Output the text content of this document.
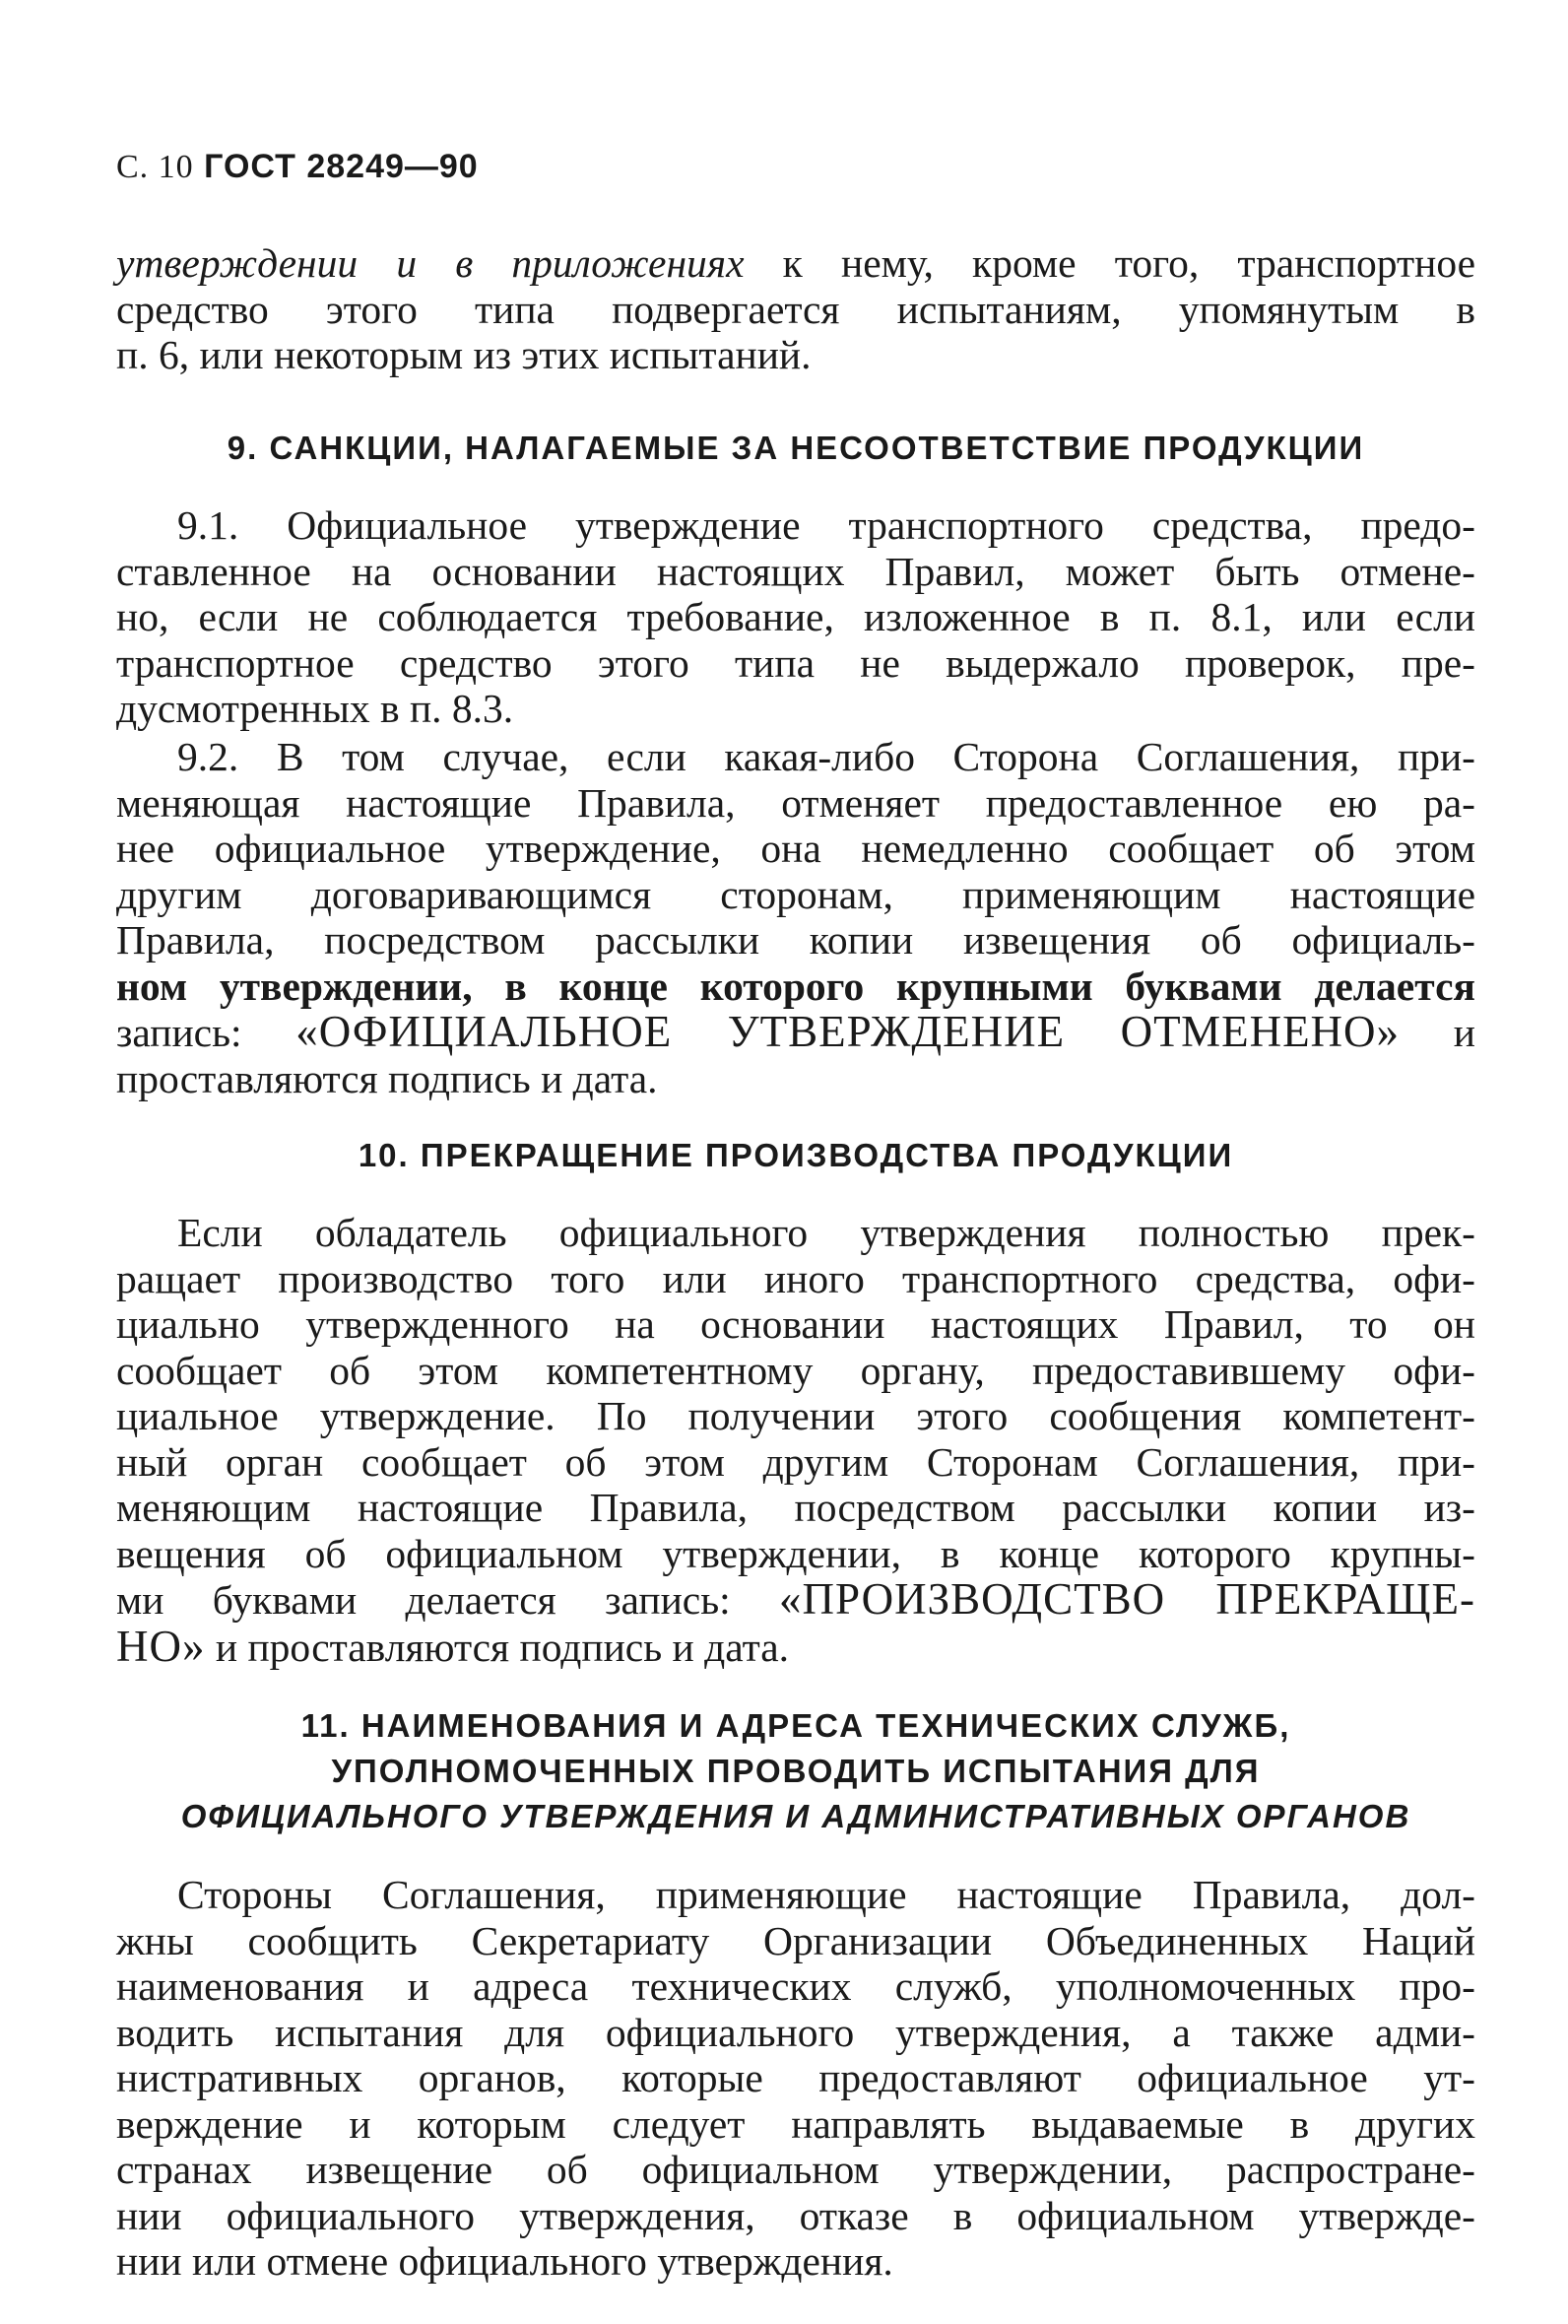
С. 10 ГОСТ 28249—90
утверждении и в приложениях к нему, кроме того, транспортное
средство этого типа подвергается испытаниям, упомянутым в
п. 6, или некоторым из этих испытаний.
9. САНКЦИИ, НАЛАГАЕМЫЕ ЗА НЕСООТВЕТСТВИЕ ПРОДУКЦИИ
9.1. Официальное утверждение транспортного средства, предо-
ставленное на основании настоящих Правил, может быть отмене-
но, если не соблюдается требование, изложенное в п. 8.1, или если
транспортное средство этого типа не выдержало проверок, пре-
дусмотренных в п. 8.3.
9.2. В том случае, если какая-либо Сторона Соглашения, при-
меняющая настоящие Правила, отменяет предоставленное ею ра-
нее официальное утверждение, она немедленно сообщает об этом
другим договаривающимся сторонам, применяющим настоящие
Правила, посредством рассылки копии извещения об официаль-
ном утверждении, в конце которого крупными буквами делается
запись: «ОФИЦИАЛЬНОЕ УТВЕРЖДЕНИЕ ОТМЕНЕНО» и
проставляются подпись и дата.
10. ПРЕКРАЩЕНИЕ ПРОИЗВОДСТВА ПРОДУКЦИИ
Если обладатель официального утверждения полностью прек-
ращает производство того или иного транспортного средства, офи-
циально утвержденного на основании настоящих Правил, то он
сообщает об этом компетентному органу, предоставившему офи-
циальное утверждение. По получении этого сообщения компетент-
ный орган сообщает об этом другим Сторонам Соглашения, при-
меняющим настоящие Правила, посредством рассылки копии из-
вещения об официальном утверждении, в конце которого крупны-
ми буквами делается запись: «ПРОИЗВОДСТВО ПРЕКРАЩЕ-
НО» и проставляются подпись и дата.
11. НАИМЕНОВАНИЯ И АДРЕСА ТЕХНИЧЕСКИХ СЛУЖБ,
УПОЛНОМОЧЕННЫХ ПРОВОДИТЬ ИСПЫТАНИЯ ДЛЯ
ОФИЦИАЛЬНОГО УТВЕРЖДЕНИЯ И АДМИНИСТРАТИВНЫХ ОРГАНОВ
Стороны Соглашения, применяющие настоящие Правила, дол-
жны сообщить Секретариату Организации Объединенных Наций
наименования и адреса технических служб, уполномоченных про-
водить испытания для официального утверждения, а также адми-
нистративных органов, которые предоставляют официальное ут-
верждение и которым следует направлять выдаваемые в других
странах извещение об официальном утверждении, распростране-
нии официального утверждения, отказе в официальном утвержде-
нии или отмене официального утверждения.
